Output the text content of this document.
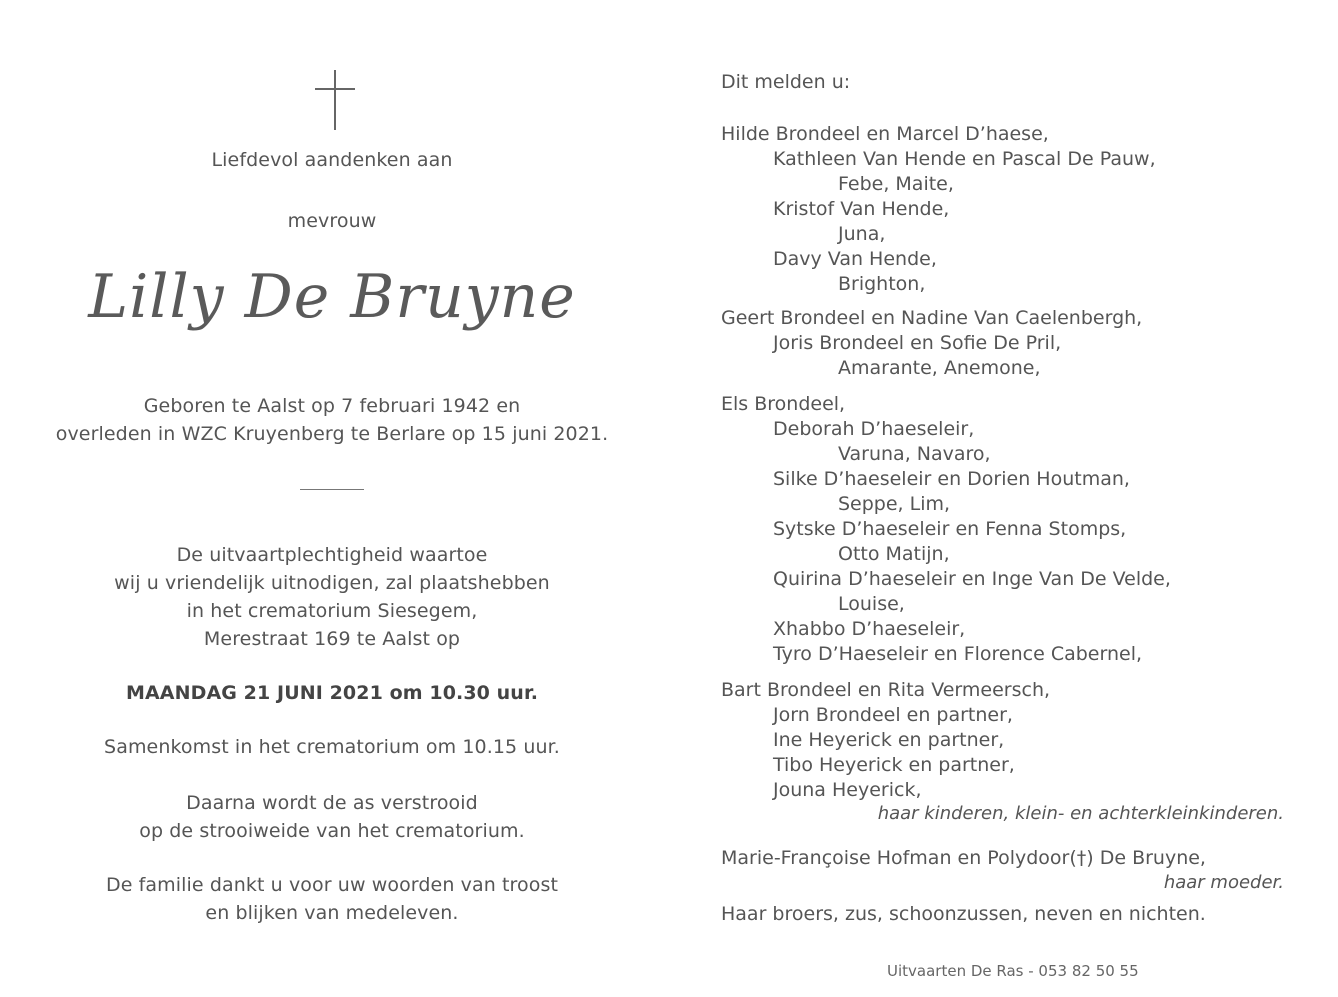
Liefdevol aandenken aan
mevrouw
Lilly De Bruyne
Geboren te Aalst op 7 februari 1942 en
overleden in WZC Kruyenberg te Berlare op 15 juni 2021.
De uitvaartplechtigheid waartoe
wij u vriendelijk uitnodigen, zal plaatshebben
in het crematorium Siesegem,
Merestraat 169 te Aalst op
MAANDAG 21 JUNI 2021 om 10.30 uur.
Samenkomst in het crematorium om 10.15 uur.
Daarna wordt de as verstrooid
op de strooiweide van het crematorium.
De familie dankt u voor uw woorden van troost
en blijken van medeleven.
Dit melden u:
Hilde Brondeel en Marcel D’haese,
Kathleen Van Hende en Pascal De Pauw,
Febe, Maite,
Kristof Van Hende,
Juna,
Davy Van Hende,
Brighton,
Geert Brondeel en Nadine Van Caelenbergh,
Joris Brondeel en Sofie De Pril,
Amarante, Anemone,
Els Brondeel,
Deborah D’haeseleir,
Varuna, Navaro,
Silke D’haeseleir en Dorien Houtman,
Seppe, Lim,
Sytske D’haeseleir en Fenna Stomps,
Otto Matijn,
Quirina D’haeseleir en Inge Van De Velde,
Louise,
Xhabbo D’haeseleir,
Tyro D’Haeseleir en Florence Cabernel,
Bart Brondeel en Rita Vermeersch,
Jorn Brondeel en partner,
Ine Heyerick en partner,
Tibo Heyerick en partner,
Jouna Heyerick,
haar kinderen, klein- en achterkleinkinderen.
Marie-Françoise Hofman en Polydoor(†) De Bruyne,
haar moeder.
Haar broers, zus, schoonzussen, neven en nichten.
Uitvaarten De Ras - 053 82 50 55
